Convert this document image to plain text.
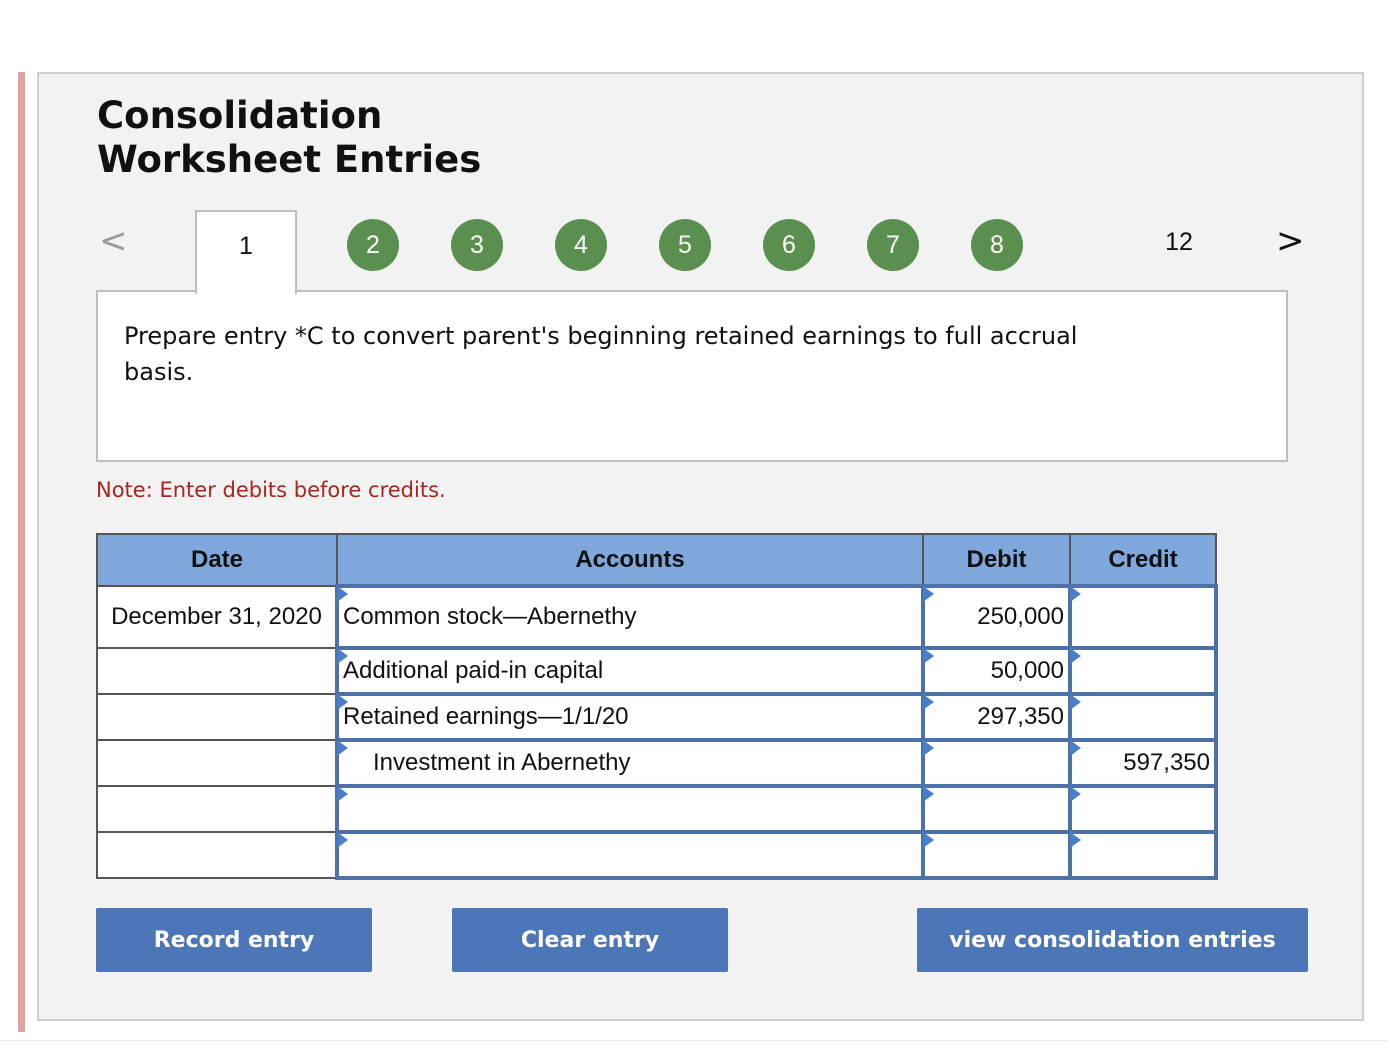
Consolidation
Worksheet Entries
<	1	2	3	4	5	6	7	8	12 >
Prepare entry *C to convert parent's beginning retained earnings to full accrual basis.
Note: Enter debits before credits.
Date	Accounts	Debit	Credit
December 31, 2020	Common stock—Abernethy	250,000	

Additional paid-in capital	50,000	

Retained earnings—1/1/20	297,350	

Investment in Abernethy		597,350

Record entry	Clear entry	view consolidation entries
